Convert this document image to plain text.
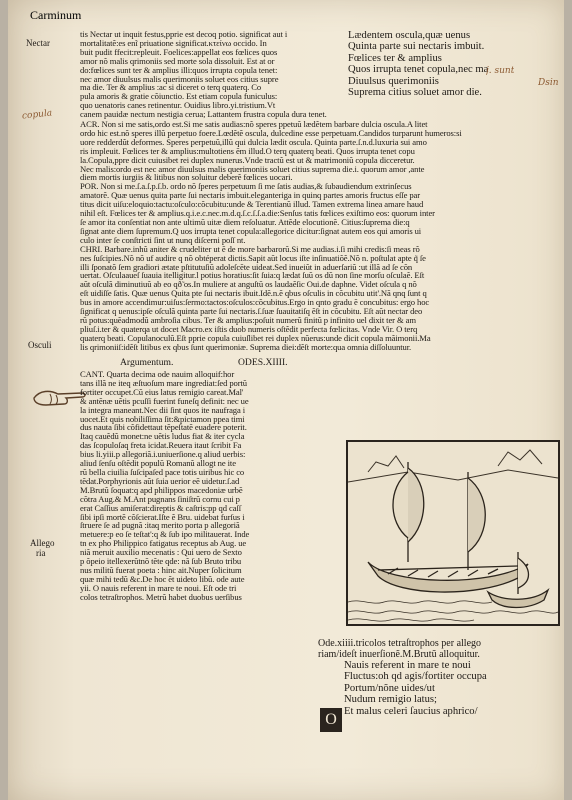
Carminum
Nectar
copula
Osculi
Allego
ria
tis Nectar ut inquit festus,pprie est decoq potio. significat aut i
mortalitatẽ:es enĩ priuatione significat.κτείνω occido. In
buit pudit ffecit:repleuit. Foelices:appellat eos fœlices quos
amor nõ malis qrimoniis sed morte sola dissoluit. Est at or
do:fœlices sunt ter & amplius illi:quos irrupta copula tenet:
nec amor diuulsus malis querimoniis soluet eos citius supre
ma die. Ter & amplius :ac si diceret o terq quaterq. Co
pula amoris & gratie cõiunctio. Est etiam copula funiculus:
quo uenatoris canes retinentur. Ouidius libro.yi.tristium.Vt
canem pauidæ nectum nestigia cerua; Lattantem frustra copula dura tenet.
Lædentem oscula,quæ uenus
Quinta parte sui nectaris imbuit.
Fœlices ter & amplius
Quos irrupta tenet copula,nec ma
Diuulsus querimoniis
Suprema citius soluet amor die.
j. sunt
Dsin
ACR. Non si me satis,ordo est.Si me satis audias:nõ speres ppetuũ lædẽtem barbare dulcia oscula.A litet
ordo hic est.nõ speres illũ perpetuo foere.Lœdẽtẽ oscula, dulcedine esse perpetuam.Candidos turparunt humeros:si
uore redderdũt deformes. Speres perpetuũ,illũ qui dulcia lædit oscula. Quinta parte.ſ.n.d.luxuria sui amo
ris impleuit. Fœlices ter & amplius:multotiens ẽm illud.O terq quaterq beati. Quos irrupta tenet copu
la.Copula,ppre dicit cuiusibet rei duplex nunerus.Vnde tractũ est ut & matrimoniũ copula dicceretur.
Nec malis:ordo est nec amor diuulsus malis querimoniis soluet citius suprema die.i. quorum amor ,ante
diem mortis iurgiis & litibus non soluitur deberẽ fœlices uocari.
POR. Non si me.ſ.a.ſ.p.ſ.b. ordo nõ ſperes perpetuum ſi me ſatis audias,& ſubaudiendum extrinſecus
amatorẽ. Quæ uenus quita parte ſui nectaris imbuit.eleganteriga in quinq partes amoris fructus eſſe par
titus dicit uiſu:eloquio:tactu:oſculo:cõcubitu:unde & Terentianũ illud. Tamen extrema linea amare haud
nihil eſt. Fœlices ter & amplius.q.i.e.c.nec.m.d.q.ſ.c.ſ.ſ.a.die:Senſus tatis fœlices exiſtimo eos: quorum inter
ſe amor ita conſentiat non ante ultimũ uitæ diem reſoluatur. Attẽde elocutionẽ. Citius:ſuprema die:q
ſignat ante diem ſupremum.Q uos irrupta tenet copula:allegorice dicitur:ſignat autem eos qui amoris ui
culo inter ſe conſtricti ſint ut nunq diſcerni poſſ nt.
CHRI. Barbare.inhũ aniter & crudeliter ut ẽ de more barbarorũ.Si me audias.i.ſi mihi credis:ſi meas rõ
nes ſuſcipies.Nõ nõ uf audire q nõ obtéperat dictis.Sapit aũt locus iſte inſinuatiõẽ.Nõ n. poſtulat apte q̃ ſe
illi ſponatõ ſem gradiori ætate pſtitutuſiũ adoleſcẽte uideat.Sed inueiũt in aduerſariũ :ut illã ad ſe cõn
uertat. Oſculaaueſ ſuauia itelligitur.l potius horatius:ſit ſuia:q lædat ſuũ os dũ non ſine morſu oſculaẽ. Eſt
aũt oſculã diminutiuũ ab eo qð̃ os.In muliere at anguſtũ os laudaẽſic Oui.de daphne. Videt oſcula q nõ
eſt uidiſſe ſatis. Quæ uenus Quita pte ſui nectaris ibuit.Idẽ.n.ẽ qbus oſculis in cõcubitu utit'.Nã qnq ſunt q
bus in amore accendimur:uiſus:ſermo:tactos:oſculos:cõcubitus.Ergo in qnto gradu ẽ concubitus: ergo hoc
ſignificat q uenus:ipſe oſculã quinta parte ſui nectaris.ſ.ſuæ ſuauitatiſq ẽſt in cõcubitu. Eſt aũt nectar deo
rũ potus:quẽadmodũ ambroſia cibus. Ter & amplius:poſuit numerũ finitũ p infinito uel dixit ter & am
pliuſ.i.ter & quaterqa ut docet Macro.ex iſtis duob numeris oſtẽdit perfecta fœlicitas. Vnde Vir. O terq
quaterq beati. Copulanoculũ.Eſt pprie copula cuiuſlibet rei duplex nũerus:unde dicit copula mãimonii.Ma
lis qrimoniiſ:idẽſt litibus ex qbus ſunt querimoniæ. Suprema diei:dẽſt morte:qua omnia diſſoluuntur.
Argumentum.	ODES.XIIII.
CANT. Quarta decima ode nauim alloquif:hor
tans illã ne iteq æſtuoſum mare ingrediat:ſed portũ
fortiter occupet.Cũ eius latus remigio careat.Mal'
& antẽnæ uẽtis pcuſſi fuerint funeſq definit: nec ue
la integra maneant.Nec dii ſint quos ite naufraga i
uocet.Et quis nobiliſſima ſit:&pictamon ppea timi
dus nauta ſibi cõfidettaut tẽpeſtatẽ euadere poterit.
Itaq cauẽdũ monet:ne uẽtis ludus fiat & iter cycla
das ſcopuloſaq freta icidat.Reuera itaut ſcribit Fa
bius li.yiii.p allegoriã.i.uniuerſione.q aliud uerbis:
aliud ſenſu oſtẽdit populũ Romanũ allogt ne ite
rũ bella ciuilia ſuſcipaſed pace totis uiribus hic co
tẽdat.Porphyrionis aũt ſuia uerior eẽ uidetur.ſ.ad
M.Brutũ ſoquat:q apd philippos macedoniæ urbẽ
cõtra Aug.& M.Ant pugnans ſiniſtrũ cornu cui p
erat Caſſius amiſerat:direptis & caſtris:pp qd caſſ
ſibi ipſi mortẽ cõſcierat.Iſte ẽ Bru. uidebat furſus i
ſtruere ſe ad pugnã :itaq merito porta p allegoriã
metuere:p eo ſe teſtat':q & ſub ipo militauerat. Inde
tn ex pho Philippico fatigatus receptus ab Aug. ue
niã meruit auxilio mecenatis : Qui uero de Sexto
p õpeio itellexerũtnõ tẽte qde: nã ſub Bruto tribu
nus militũ fuerat poeta : hinc ait.Nuper ſolicitum
quæ mihi tedũ &c.De hoc ẽt uideto libũ. ode aute
yii. O nauis referent in mare te noui. Eſt ode tri
colos tetraſtrophos. Metrũ habet duobus uerſibus
Ode.xiiii.tricolos tetraſtrophos per allego
riam/ideſt inuerſionẽ.M.Brutũ alloquitur.
O
Nauis referent in mare te noui
Fluctus:oh qd agis/fortiter occupa
Portum/nõne uides/ut
Nudum remigio latus;
Et malus celeri ſaucius aphrico/
